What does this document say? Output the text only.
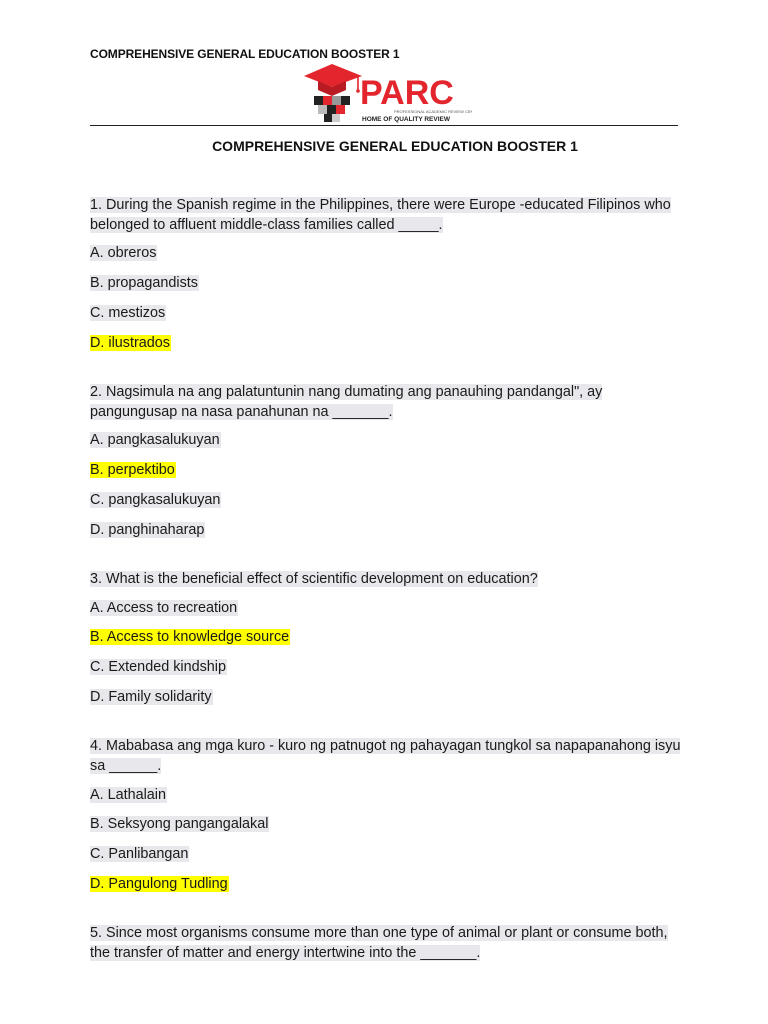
COMPREHENSIVE GENERAL EDUCATION BOOSTER 1
PARC
PROFESSIONAL ACADEMIC REVIEW CEN
HOME OF QUALITY REVIEW
COMPREHENSIVE GENERAL EDUCATION BOOSTER 1
1. During the Spanish regime in the Philippines, there were Europe -educated Filipinos who belonged to affluent middle-class families called _____.
A. obreros
B. propagandists
C. mestizos
D. ilustrados
2. Nagsimula na ang palatuntunin nang dumating ang panauhing pandangal", ay pangungusap na nasa panahunan na _______.
A. pangkasalukuyan
B. perpektibo
C. pangkasalukuyan
D. panghinaharap
3. What is the beneficial effect of scientific development on education?
A. Access to recreation
B. Access to knowledge source
C. Extended kindship
D. Family solidarity
4. Mababasa ang mga kuro - kuro ng patnugot ng pahayagan tungkol sa napapanahong isyu sa ______.
A. Lathalain
B. Seksyong pangangalakal
C. Panlibangan
D. Pangulong Tudling
5. Since most organisms consume more than one type of animal or plant or consume both, the transfer of matter and energy intertwine into the _______.
